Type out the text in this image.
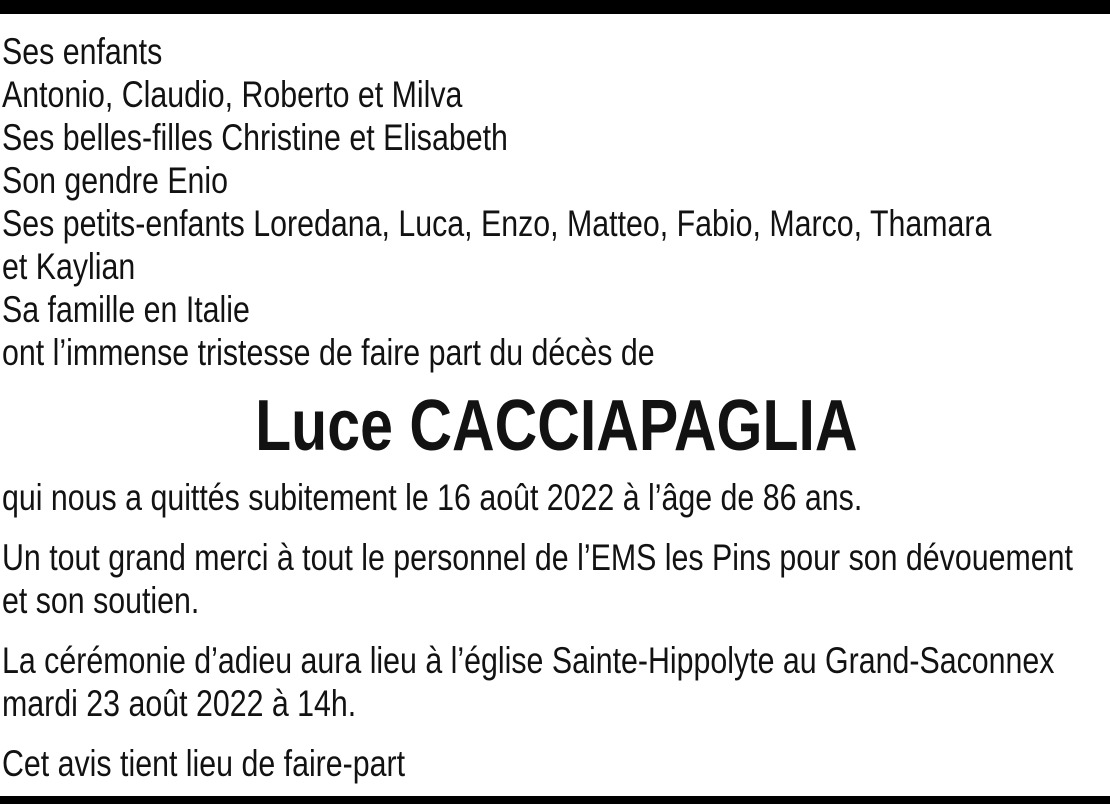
Ses enfants
Antonio, Claudio, Roberto et Milva
Ses belles-filles Christine et Elisabeth
Son gendre Enio
Ses petits-enfants Loredana, Luca, Enzo, Matteo, Fabio, Marco, Thamara
et Kaylian
Sa famille en Italie
ont l’immense tristesse de faire part du décès de
Luce CACCIAPAGLIA
qui nous a quittés subitement le 16 août 2022 à l’âge de 86 ans.
Un tout grand merci à tout le personnel de l’EMS les Pins pour son dévouement
et son soutien.
La cérémonie d’adieu aura lieu à l’église Sainte-Hippolyte au Grand-Saconnex
mardi 23 août 2022 à 14h.
Cet avis tient lieu de faire-part
